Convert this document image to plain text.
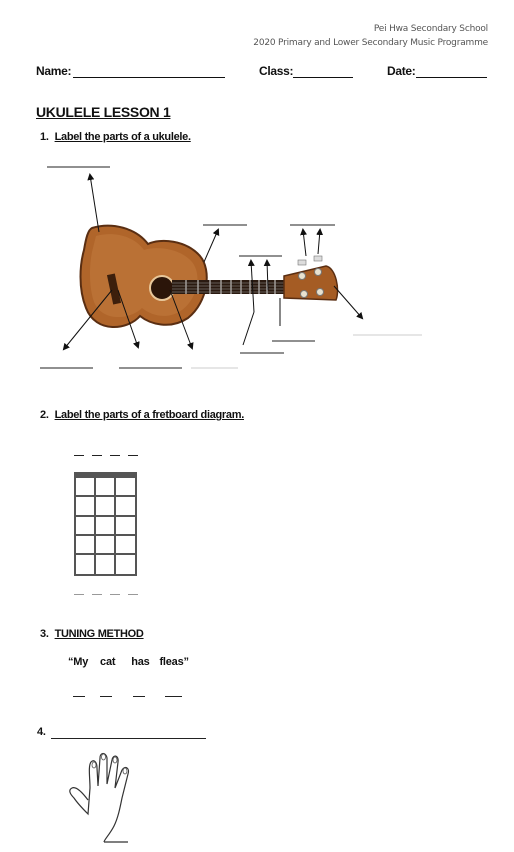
Pei Hwa Secondary School
2020 Primary and Lower Secondary Music Programme
Name:	Class:	Date:
UKULELE LESSON 1
1. Label the parts of a ukulele.
2. Label the parts of a fretboard diagram.
3. TUNING METHOD
“My cat has fleas”
4.
